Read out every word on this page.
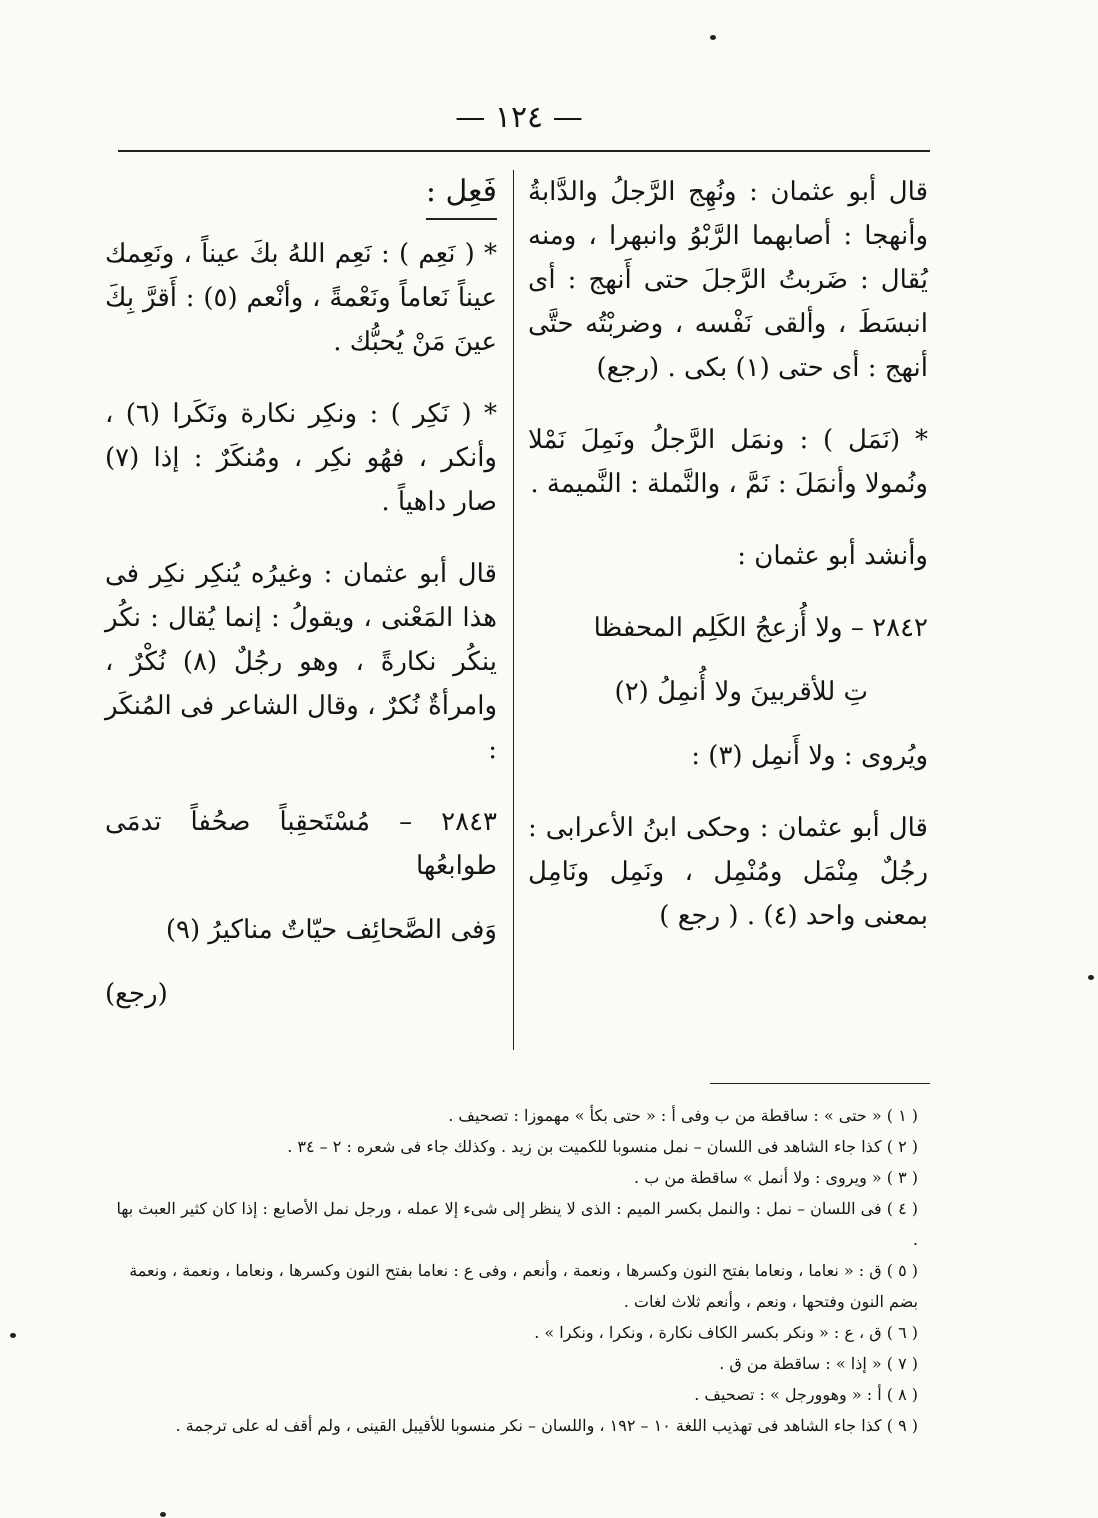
— ١٢٤ —

قال أبو عثمان : ونُهِج الرَّجلُ والدَّابةُ وأنهجا : أصابهما الرَّبْوُ وانبهرا ، ومنه يُقال : ضَربتُ الرَّجلَ حتى أَنهج : أى انبسَطَ ، وألقى نَفْسه ، وضربْتُه حتَّى أنهج : أى حتى (١) بكى . (رجع)

* (نَمَل ) : ونمَل الرَّجلُ ونَمِلَ نَمْلا ونُمولا وأنمَلَ : نَمَّ ، والنَّملة : النَّميمة .

وأنشد أبو عثمان :

٢٨٤٢ – ولا أُزعجُ الكَلِم المحفظا

تِ للأقربينَ ولا أُنمِلُ (٢)

ويُروى : ولا أَنمِل (٣) :

قال أبو عثمان : وحكى ابنُ الأعرابى : رجُلٌ مِنْمَل ومُنْمِل ، ونَمِل ونَامِل بمعنى واحد (٤) . ( رجع )

فَعِل :

* ( نَعِم ) : نَعِم اللهُ بكَ عيناً ، ونَعِمك عيناً نَعاماً ونَعْمةً ، وأنْعم (٥) : أَقرَّ بِكَ عينَ مَنْ يُحبُّك .

* ( نَكِر ) : ونكِر نكارة ونَكَرا (٦) ، وأنكر ، فهُو نكِر ، ومُنكَرٌ : إذا (٧) صار داهياً .

قال أبو عثمان : وغيرُه يُنكِر نكِر فى هذا المَعْنى ، ويقولُ : إنما يُقال : نكُر ينكُر نكارةً ، وهو رجُلٌ (٨) نُكْرٌ ، وامرأةٌ نُكرٌ ، وقال الشاعر فى المُنكَر :

٢٨٤٣ – مُسْتَحقِباً صحُفاً تدمَى طوابعُها

وَفى الصَّحائِف حيّاتٌ مناكيرُ (٩)

(رجع)

( ١ ) « حتى » : ساقطة من ب وفى أ : « حتى بكأ » مهموزا : تصحيف .

( ٢ ) كذا جاء الشاهد فى اللسان – نمل منسوبا للكميت بن زيد . وكذلك جاء فى شعره : ٢ – ٣٤ .

( ٣ ) « ويروى : ولا أنمل » ساقطة من ب .

( ٤ ) فى اللسان – نمل : والنمل بكسر الميم : الذى لا ينظر إلى شىء إلا عمله ، ورجل نمل الأصابع : إذا كان كثير العبث بها .

( ٥ ) ق : « نعاما ، ونعاما بفتح النون وكسرها ، ونعمة ، وأنعم ، وفى ع : نعاما بفتح النون وكسرها ، ونعاما ، ونعمة ، ونعمة بضم النون وفتحها ، ونعم ، وأنعم ثلاث لغات .

( ٦ ) ق ، ع : « ونكر بكسر الكاف نكارة ، ونكرا ، ونكرا » .

( ٧ ) « إذا » : ساقطة من ق .

( ٨ ) أ : « وهوورجل » : تصحيف .

( ٩ ) كذا جاء الشاهد فى تهذيب اللغة ١٠ – ١٩٢ ، واللسان – نكر منسوبا للأقيبل القينى ، ولم أقف له على ترجمة .
